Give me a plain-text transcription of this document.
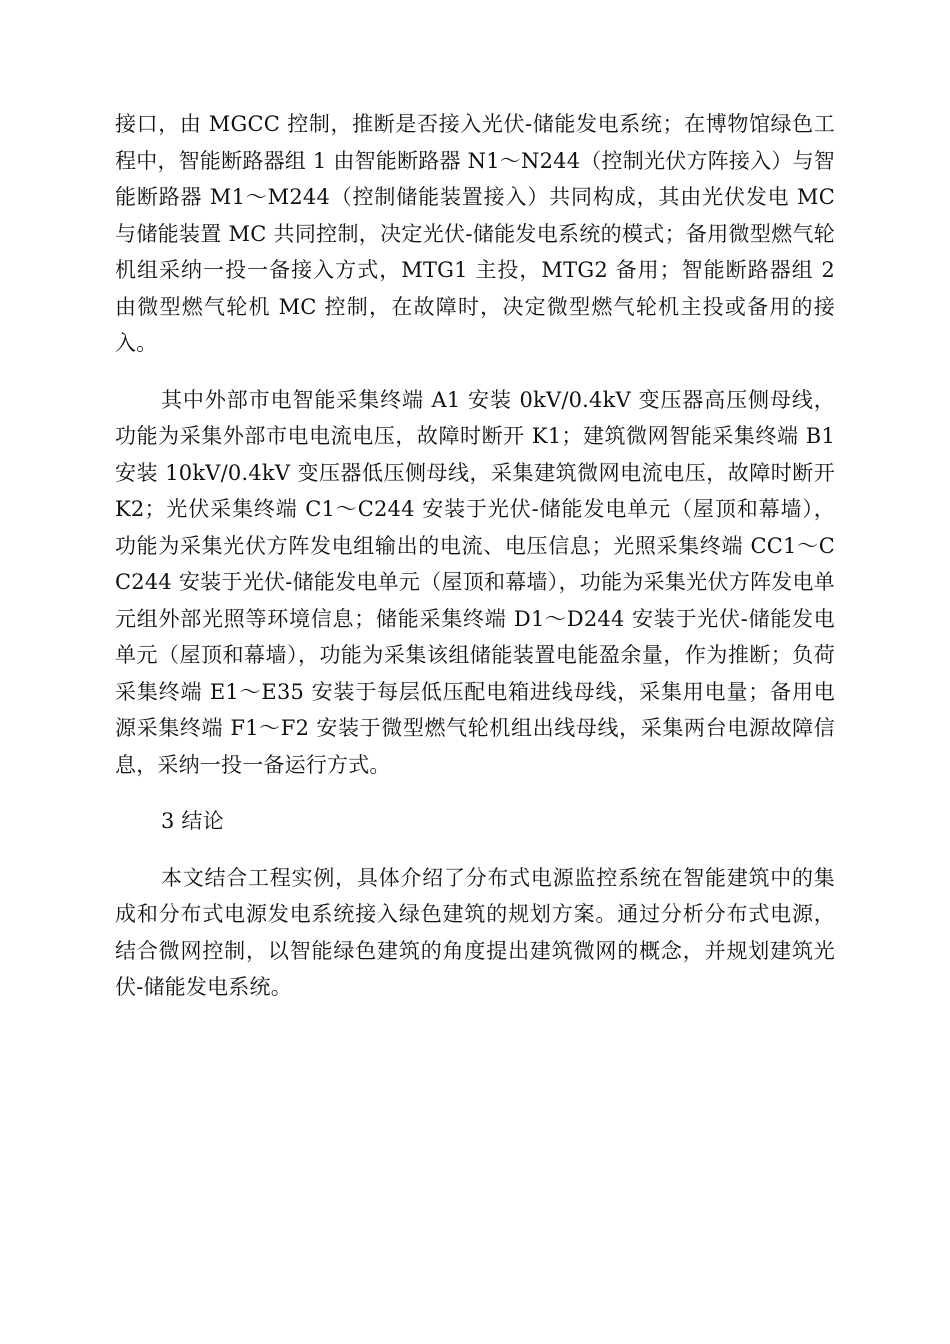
接口，由 MGCC 控制，推断是否接入光伏-储能发电系统；在博物馆绿色工程中，智能断路器组 1 由智能断路器 N1～N244（控制光伏方阵接入）与智能断路器 M1～M244（控制储能装置接入）共同构成，其由光伏发电 MC 与储能装置 MC 共同控制，决定光伏-储能发电系统的模式；备用微型燃气轮机组采纳一投一备接入方式，MTG1 主投，MTG2 备用；智能断路器组 2 由微型燃气轮机 MC 控制，在故障时，决定微型燃气轮机主投或备用的接入。

其中外部市电智能采集终端 A1 安装 0kV/0.4kV 变压器高压侧母线，功能为采集外部市电电流电压，故障时断开 K1；建筑微网智能采集终端 B1 安装 10kV/0.4kV 变压器低压侧母线，采集建筑微网电流电压，故障时断开 K2；光伏采集终端 C1～C244 安装于光伏-储能发电单元（屋顶和幕墙），功能为采集光伏方阵发电组输出的电流、电压信息；光照采集终端 CC1～CC244 安装于光伏-储能发电单元（屋顶和幕墙），功能为采集光伏方阵发电单元组外部光照等环境信息；储能采集终端 D1～D244 安装于光伏-储能发电单元（屋顶和幕墙），功能为采集该组储能装置电能盈余量，作为推断；负荷采集终端 E1～E35 安装于每层低压配电箱进线母线，采集用电量；备用电源采集终端 F1～F2 安装于微型燃气轮机组出线母线，采集两台电源故障信息，采纳一投一备运行方式。

3 结论

本文结合工程实例，具体介绍了分布式电源监控系统在智能建筑中的集成和分布式电源发电系统接入绿色建筑的规划方案。通过分析分布式电源，结合微网控制，以智能绿色建筑的角度提出建筑微网的概念，并规划建筑光伏-储能发电系统。
